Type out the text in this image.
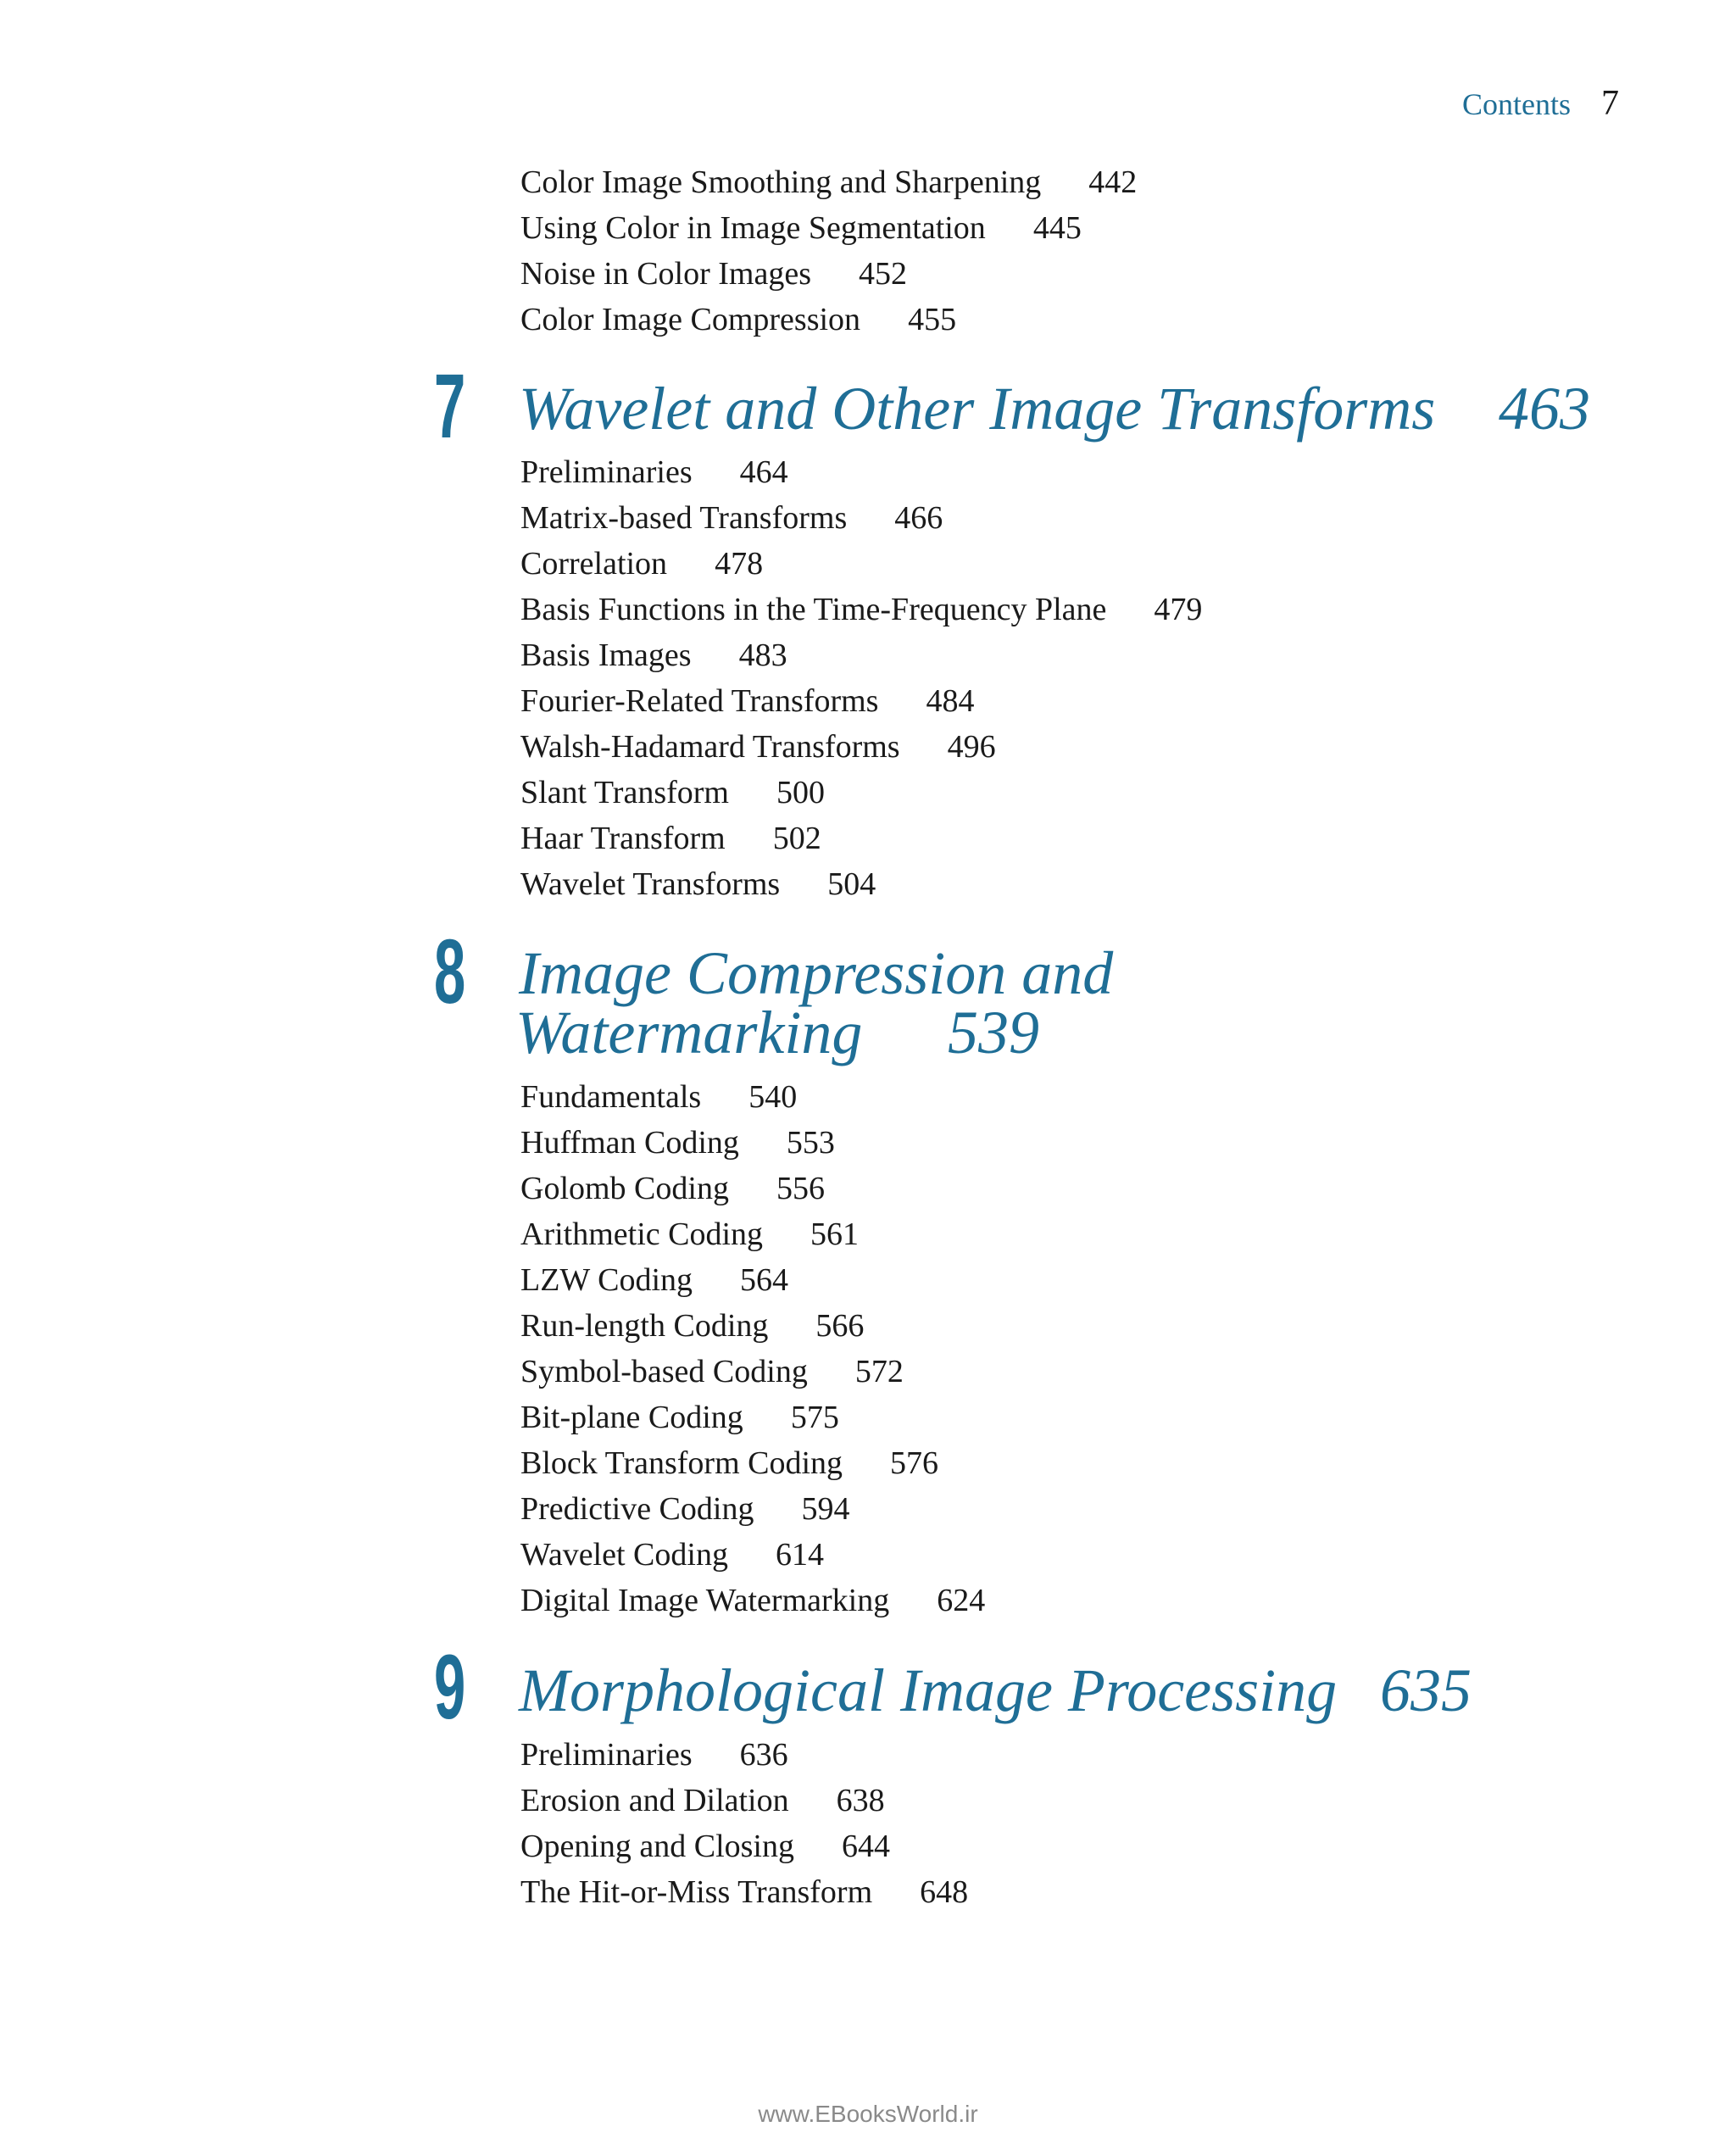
Contents 7
Color Image Smoothing and Sharpening 442
Using Color in Image Segmentation 445
Noise in Color Images 452
Color Image Compression 455
7 Wavelet and Other Image Transforms 463
Preliminaries 464
Matrix-based Transforms 466
Correlation 478
Basis Functions in the Time-Frequency Plane 479
Basis Images 483
Fourier-Related Transforms 484
Walsh-Hadamard Transforms 496
Slant Transform 500
Haar Transform 502
Wavelet Transforms 504
8 Image Compression and
Watermarking 539
Fundamentals 540
Huffman Coding 553
Golomb Coding 556
Arithmetic Coding 561
LZW Coding 564
Run-length Coding 566
Symbol-based Coding 572
Bit-plane Coding 575
Block Transform Coding 576
Predictive Coding 594
Wavelet Coding 614
Digital Image Watermarking 624
9 Morphological Image Processing 635
Preliminaries 636
Erosion and Dilation 638
Opening and Closing 644
The Hit-or-Miss Transform 648
www.EBooksWorld.ir
